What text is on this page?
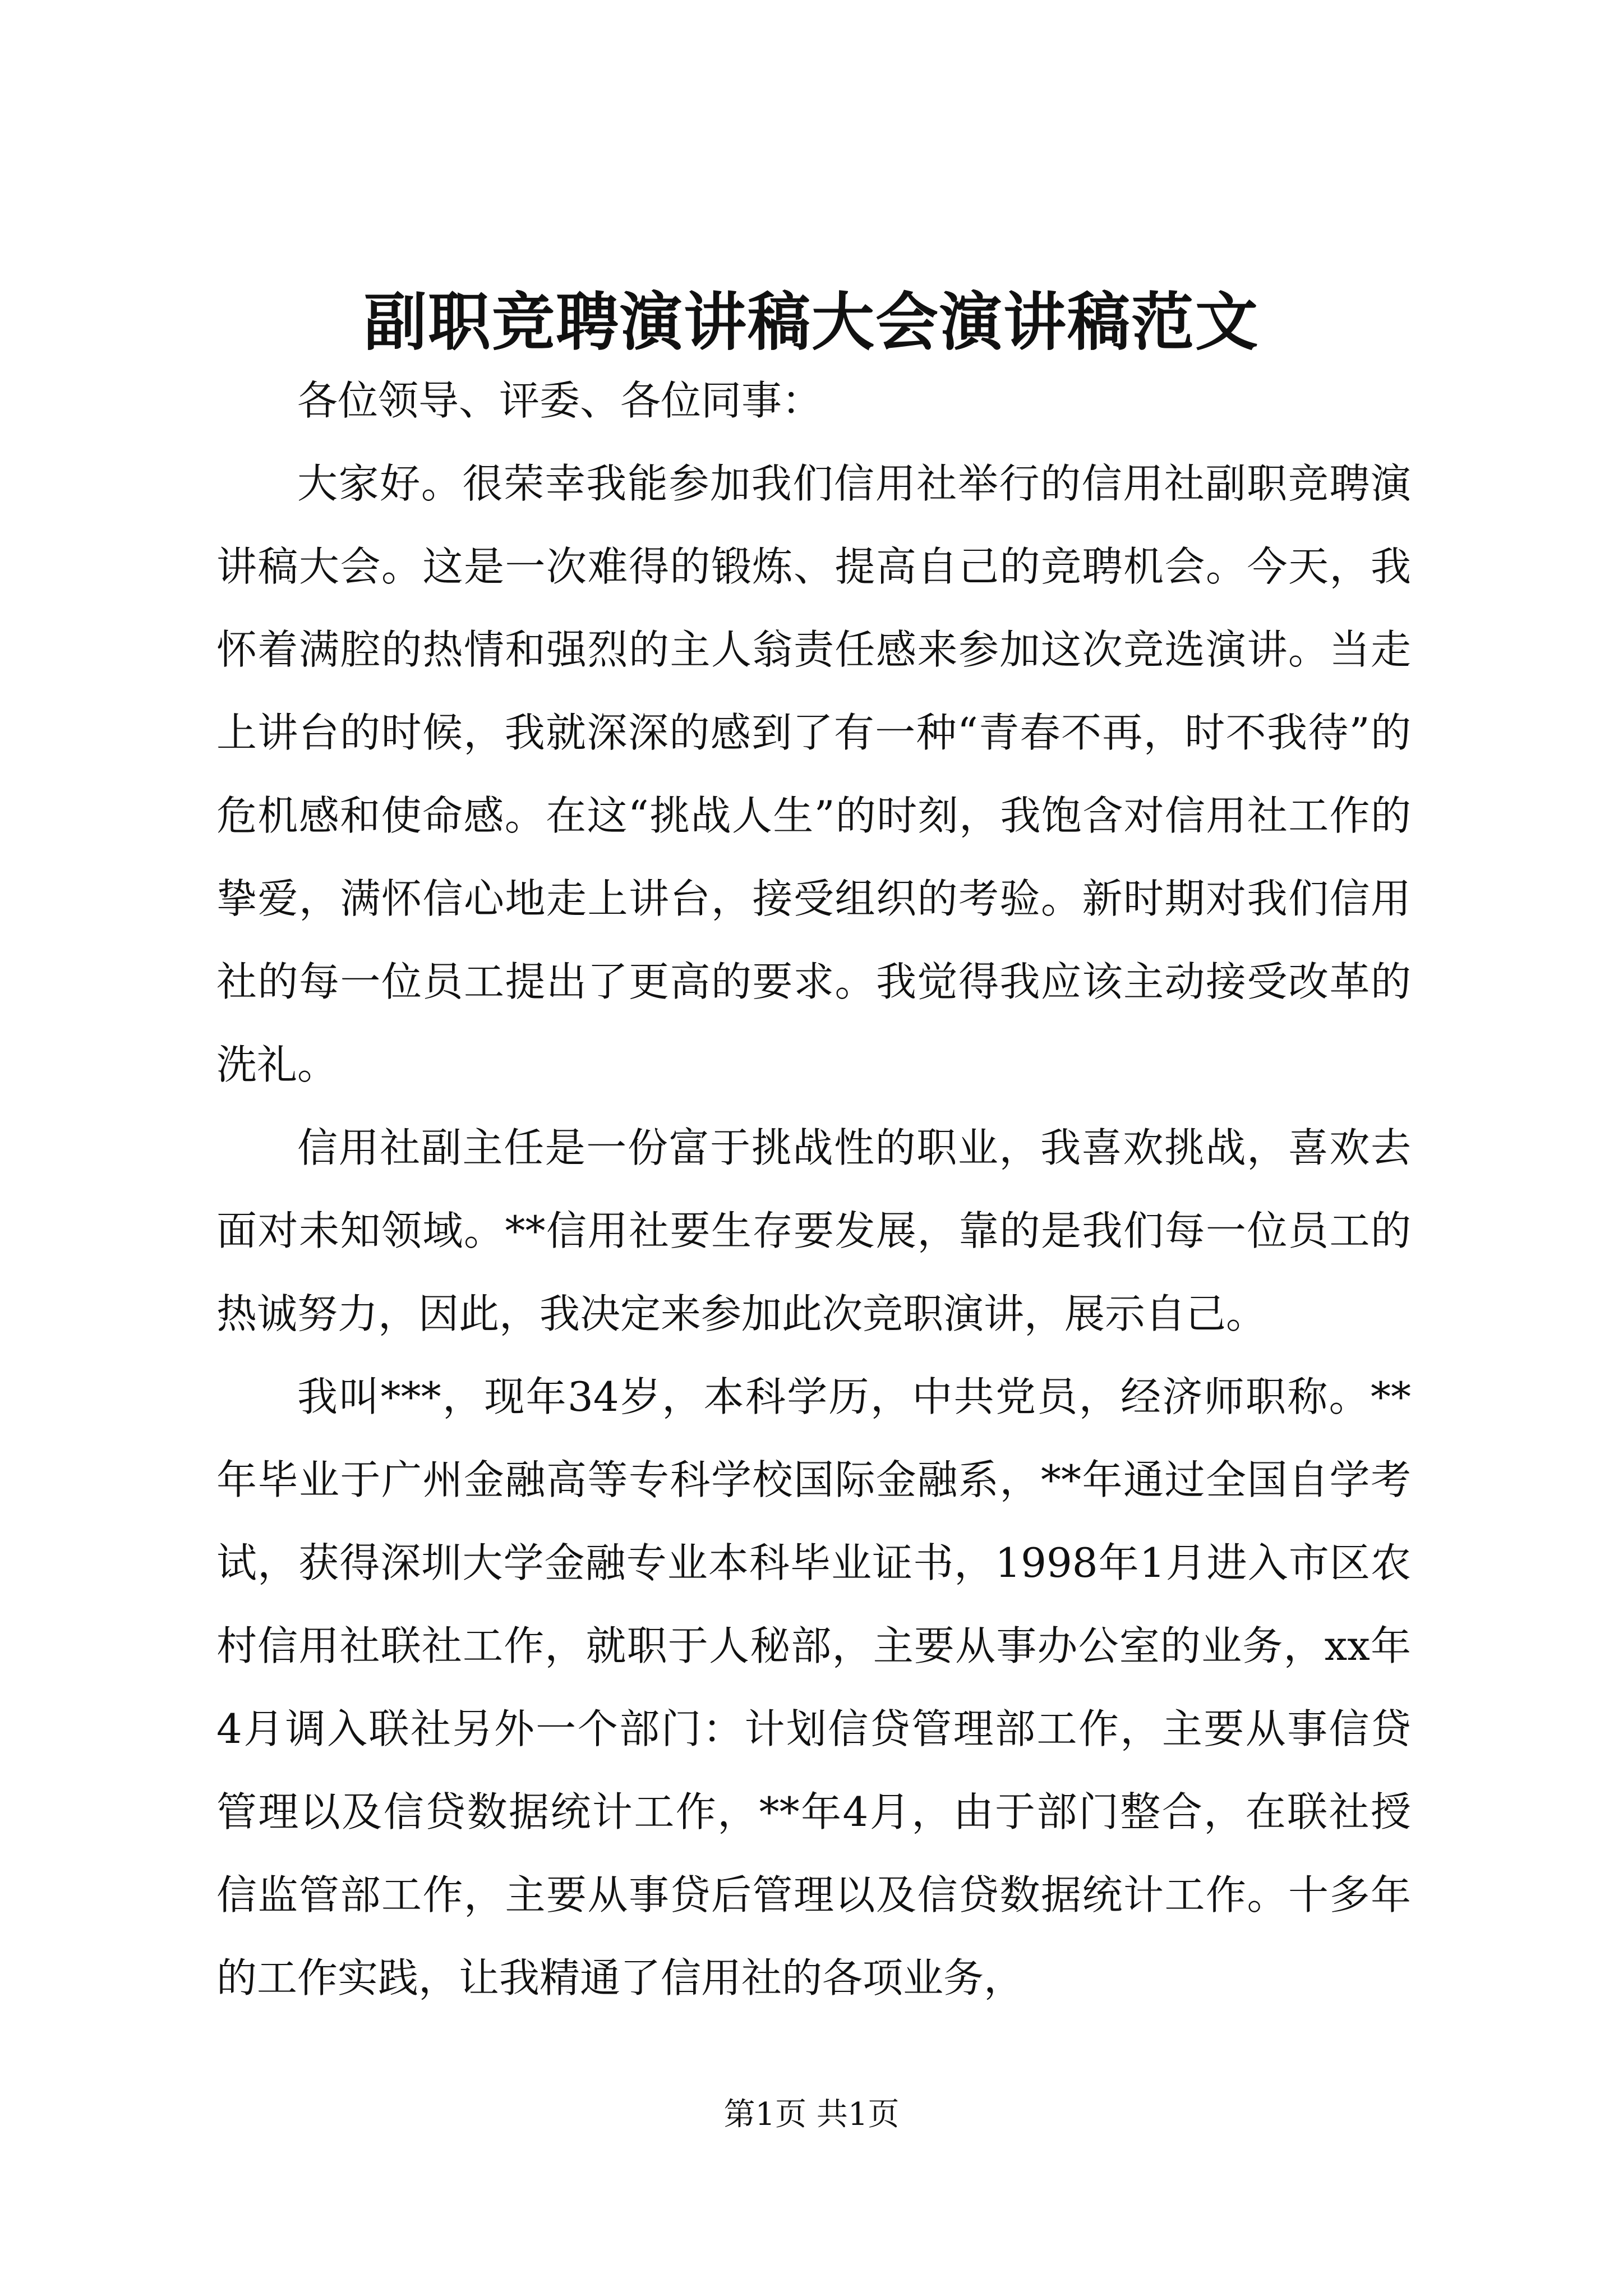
副职竞聘演讲稿大会演讲稿范文

各位领导、评委、各位同事：

大家好。很荣幸我能参加我们信用社举行的信用社副职竞聘演讲稿大会。这是一次难得的锻炼、提高自己的竞聘机会。今天，我怀着满腔的热情和强烈的主人翁责任感来参加这次竞选演讲。当走上讲台的时候，我就深深的感到了有一种“青春不再，时不我待”的危机感和使命感。在这“挑战人生”的时刻，我饱含对信用社工作的挚爱，满怀信心地走上讲台，接受组织的考验。新时期对我们信用社的每一位员工提出了更高的要求。我觉得我应该主动接受改革的洗礼。

信用社副主任是一份富于挑战性的职业，我喜欢挑战，喜欢去面对未知领域。**信用社要生存要发展，靠的是我们每一位员工的热诚努力，因此，我决定来参加此次竞职演讲，展示自己。

我叫***，现年34岁，本科学历，中共党员，经济师职称。**年毕业于广州金融高等专科学校国际金融系，**年通过全国自学考试，获得深圳大学金融专业本科毕业证书，1998年1月进入市区农村信用社联社工作，就职于人秘部，主要从事办公室的业务，xx年4月调入联社另外一个部门：计划信贷管理部工作，主要从事信贷管理以及信贷数据统计工作，**年4月，由于部门整合，在联社授信监管部工作，主要从事贷后管理以及信贷数据统计工作。十多年的工作实践，让我精通了信用社的各项业务，

第1页 共1页
